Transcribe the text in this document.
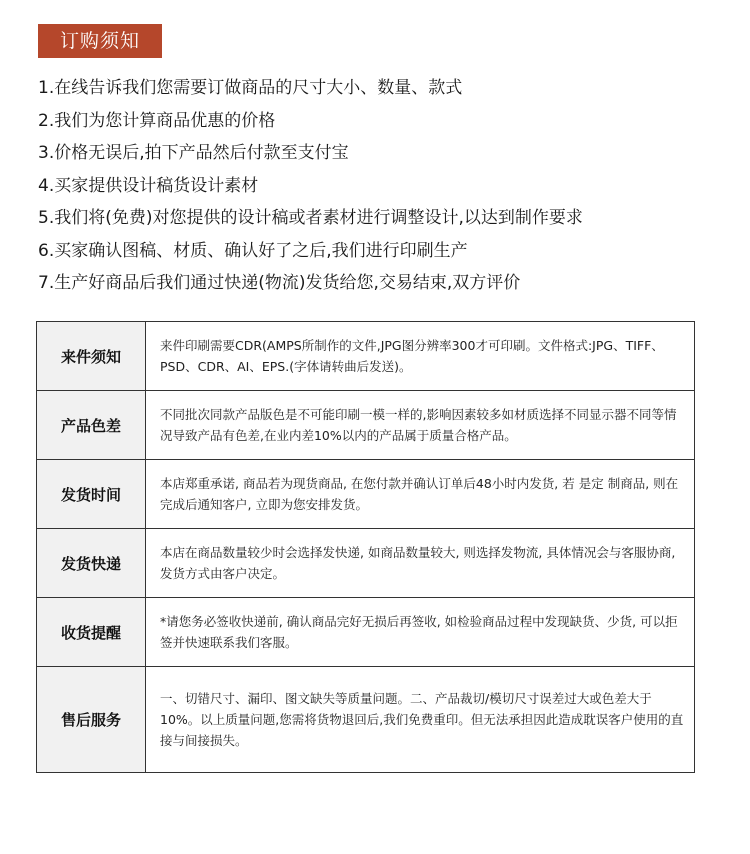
订购须知
1.在线告诉我们您需要订做商品的尺寸大小、数量、款式
2.我们为您计算商品优惠的价格
3.价格无误后,拍下产品然后付款至支付宝
4.买家提供设计稿货设计素材
5.我们将(免费)对您提供的设计稿或者素材进行调整设计,以达到制作要求
6.买家确认图稿、材质、确认好了之后,我们进行印刷生产
7.生产好商品后我们通过快递(物流)发货给您,交易结束,双方评价
来件须知	来件印刷需要CDR(AMPS所制作的文件,JPG图分辨率300才可印刷。文件格式:JPG、TIFF、PSD、CDR、AI、EPS.(字体请转曲后发送)。
产品色差	不同批次同款产品版色是不可能印刷一模一样的,影响因素较多如材质选择不同显示器不同等情况导致产品有色差,在业内差10%以内的产品属于质量合格产品。
发货时间	本店郑重承诺, 商品若为现货商品, 在您付款并确认订单后48小时内发货, 若 是定 制商品, 则在完成后通知客户, 立即为您安排发货。
发货快递	本店在商品数量较少时会选择发快递, 如商品数量较大, 则选择发物流, 具体情况会与客服协商, 发货方式由客户决定。
收货提醒	*请您务必签收快递前, 确认商品完好无损后再签收, 如检验商品过程中发现缺货、少货, 可以拒签并快速联系我们客服。
售后服务	一、切错尺寸、漏印、图文缺失等质量问题。二、产品裁切/模切尺寸误差过大或色差大于10%。以上质量问题,您需将货物退回后,我们免费重印。但无法承担因此造成耽误客户使用的直接与间接损失。
